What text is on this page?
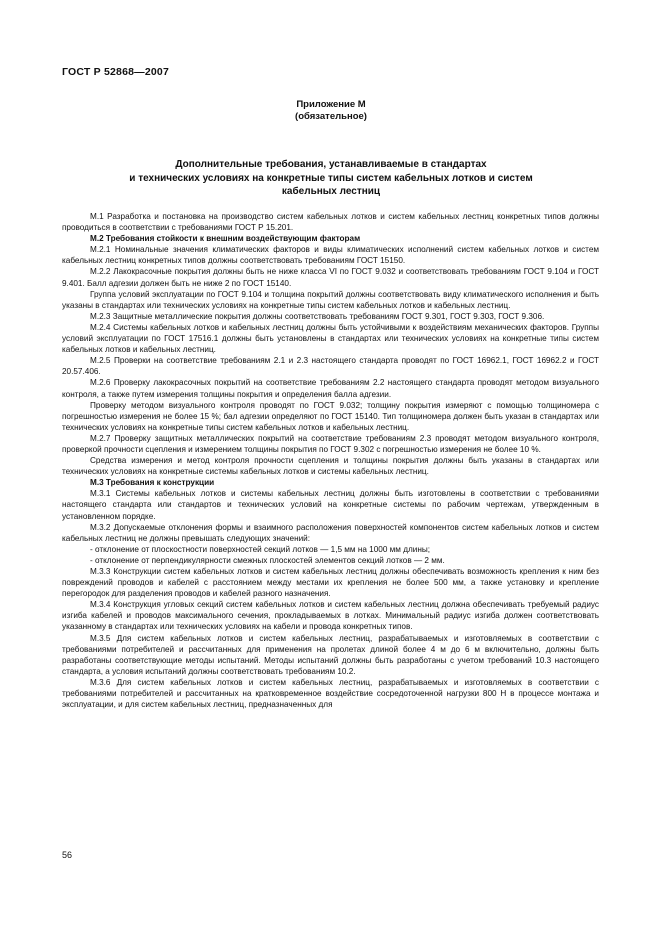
ГОСТ Р 52868—2007
Приложение М
(обязательное)
Дополнительные требования, устанавливаемые в стандартах
и технических условиях на конкретные типы систем кабельных лотков и систем
кабельных лестниц

М.1 Разработка и постановка на производство систем кабельных лотков и систем кабельных лестниц конкретных типов должны проводиться в соответствии с требованиями ГОСТ Р 15.201.

М.2 Требования стойкости к внешним воздействующим факторам

М.2.1 Номинальные значения климатических факторов и виды климатических исполнений систем кабельных лотков и систем кабельных лестниц конкретных типов должны соответствовать требованиям ГОСТ 15150.

М.2.2 Лакокрасочные покрытия должны быть не ниже класса VI по ГОСТ 9.032 и соответствовать требованиям ГОСТ 9.104 и ГОСТ 9.401. Балл адгезии должен быть не ниже 2 по ГОСТ 15140.

Группа условий эксплуатации по ГОСТ 9.104 и толщина покрытий должны соответствовать виду климатического исполнения и быть указаны в стандартах или технических условиях на конкретные типы систем кабельных лотков и кабельных лестниц.

М.2.3 Защитные металлические покрытия должны соответствовать требованиям ГОСТ 9.301, ГОСТ 9.303, ГОСТ 9.306.

М.2.4 Системы кабельных лотков и кабельных лестниц должны быть устойчивыми к воздействиям механических факторов. Группы условий эксплуатации по ГОСТ 17516.1 должны быть установлены в стандартах или технических условиях на конкретные типы систем кабельных лотков и кабельных лестниц.

М.2.5 Проверки на соответствие требованиям 2.1 и 2.3 настоящего стандарта проводят по ГОСТ 16962.1, ГОСТ 16962.2 и ГОСТ 20.57.406.

М.2.6 Проверку лакокрасочных покрытий на соответствие требованиям 2.2 настоящего стандарта проводят методом визуального контроля, а также путем измерения толщины покрытия и определения балла адгезии.

Проверку методом визуального контроля проводят по ГОСТ 9.032; толщину покрытия измеряют с помощью толщиномера с погрешностью измерения не более 15 %; бал адгезии определяют по ГОСТ 15140. Тип толщиномера должен быть указан в стандартах или технических условиях на конкретные типы систем кабельных лотков и кабельных лестниц.

М.2.7 Проверку защитных металлических покрытий на соответствие требованиям 2.3 проводят методом визуального контроля, проверкой прочности сцепления и измерением толщины покрытия по ГОСТ 9.302 с погрешностью измерения не более 10 %.

Средства измерения и метод контроля прочности сцепления и толщины покрытия должны быть указаны в стандартах или технических условиях на конкретные системы кабельных лотков и системы кабельных лестниц.

М.3 Требования к конструкции

М.3.1 Системы кабельных лотков и системы кабельных лестниц должны быть изготовлены в соответствии с требованиями настоящего стандарта или стандартов и технических условий на конкретные системы по рабочим чертежам, утвержденным в установленном порядке.

М.3.2 Допускаемые отклонения формы и взаимного расположения поверхностей компонентов систем кабельных лотков и систем кабельных лестниц не должны превышать следующих значений:

- отклонение от плоскостности поверхностей секций лотков — 1,5 мм на 1000 мм длины;

- отклонение от перпендикулярности смежных плоскостей элементов секций лотков — 2 мм.

М.3.3 Конструкции систем кабельных лотков и систем кабельных лестниц должны обеспечивать возможность крепления к ним без повреждений проводов и кабелей с расстоянием между местами их крепления не более 500 мм, а также установку и крепление перегородок для разделения проводов и кабелей разного назначения.

М.3.4 Конструкция угловых секций систем кабельных лотков и систем кабельных лестниц должна обеспечивать требуемый радиус изгиба кабелей и проводов максимального сечения, прокладываемых в лотках. Минимальный радиус изгиба должен соответствовать указанному в стандартах или технических условиях на кабели и провода конкретных типов.

М.3.5 Для систем кабельных лотков и систем кабельных лестниц, разрабатываемых и изготовляемых в соответствии с требованиями потребителей и рассчитанных для применения на пролетах длиной более 4 м до 6 м включительно, должны быть разработаны соответствующие методы испытаний. Методы испытаний должны быть разработаны с учетом требований 10.3 настоящего стандарта, а условия испытаний должны соответствовать требованиям 10.2.

М.3.6 Для систем кабельных лотков и систем кабельных лестниц, разрабатываемых и изготовляемых в соответствии с требованиями потребителей и рассчитанных на кратковременное воздействие сосредоточенной нагрузки 800 Н в процессе монтажа и эксплуатации, и для систем кабельных лестниц, предназначенных для

56
